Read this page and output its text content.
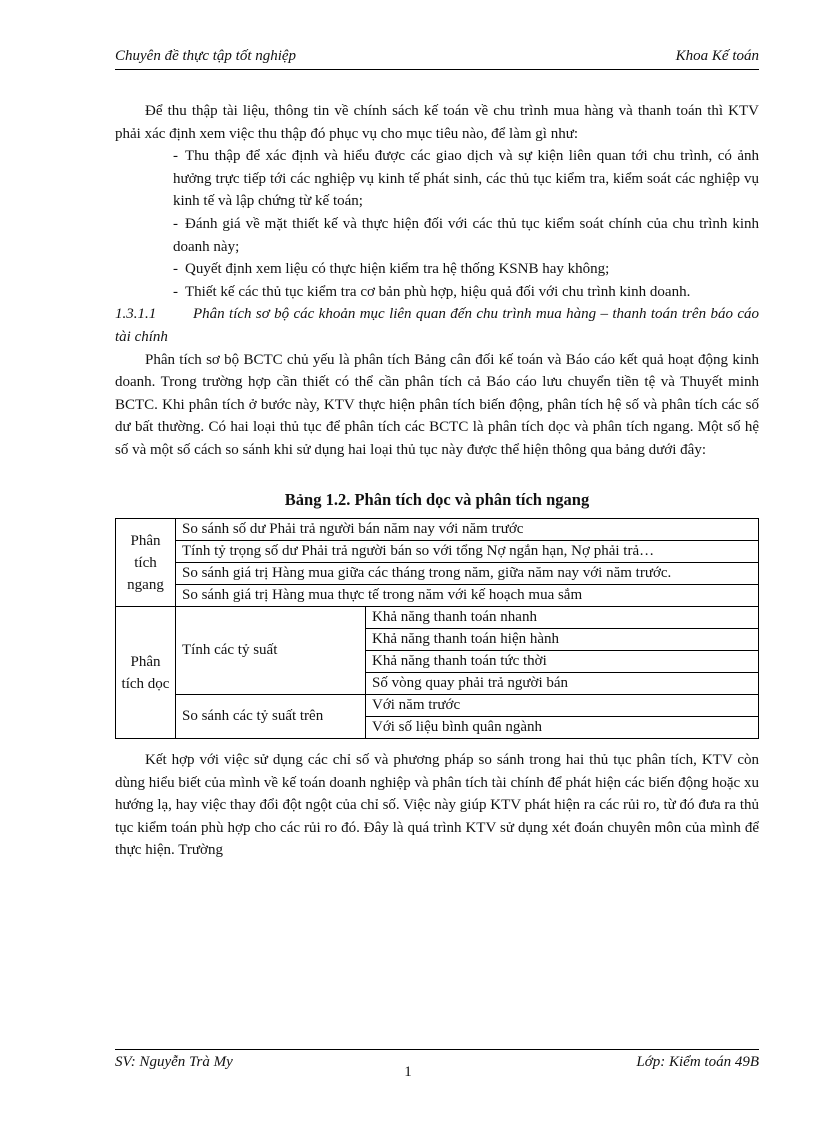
Chuyên đề thực tập tốt nghiệp	Khoa Kế toán

Để thu thập tài liệu, thông tin về chính sách kế toán về chu trình mua hàng và thanh toán thì KTV phải xác định xem việc thu thập đó phục vụ cho mục tiêu nào, để làm gì như:

- Thu thập để xác định và hiểu được các giao dịch và sự kiện liên quan tới chu trình, có ảnh hưởng trực tiếp tới các nghiệp vụ kinh tế phát sinh, các thủ tục kiểm tra, kiểm soát các nghiệp vụ kinh tế và lập chứng từ kế toán;

- Đánh giá về mặt thiết kế và thực hiện đối với các thủ tục kiểm soát chính của chu trình kinh doanh này;

- Quyết định xem liệu có thực hiện kiểm tra hệ thống KSNB hay không;

- Thiết kế các thủ tục kiểm tra cơ bản phù hợp, hiệu quả đối với chu trình kinh doanh.

1.3.1.1 Phân tích sơ bộ các khoản mục liên quan đến chu trình mua hàng – thanh toán trên báo cáo tài chính

Phân tích sơ bộ BCTC chủ yếu là phân tích Bảng cân đối kế toán và Báo cáo kết quả hoạt động kinh doanh. Trong trường hợp cần thiết có thể cần phân tích cả Báo cáo lưu chuyển tiền tệ và Thuyết minh BCTC. Khi phân tích ở bước này, KTV thực hiện phân tích biến động, phân tích hệ số và phân tích các số dư bất thường. Có hai loại thủ tục để phân tích các BCTC là phân tích dọc và phân tích ngang. Một số hệ số và một số cách so sánh khi sử dụng hai loại thủ tục này được thể hiện thông qua bảng dưới đây:

Bảng 1.2. Phân tích dọc và phân tích ngang

Phân tích ngang	So sánh số dư Phải trả người bán năm nay với năm trước	

	Tính tỷ trọng số dư Phải trả người bán so với tổng Nợ ngắn hạn, Nợ phải trả…	

	So sánh giá trị Hàng mua giữa các tháng trong năm, giữa năm nay với năm trước.	
	So sánh giá trị Hàng mua thực tế trong năm với kế hoạch mua sắm	
Phân tích dọc	Tính các tỷ suất	Khả năng thanh toán nhanh
		Khả năng thanh toán hiện hành
		Khả năng thanh toán tức thời
		Số vòng quay phải trả người bán
	So sánh các tỷ suất trên	Với năm trước
		Với số liệu bình quân ngành

Kết hợp với việc sử dụng các chỉ số và phương pháp so sánh trong hai thủ tục phân tích, KTV còn dùng hiểu biết của mình về kế toán doanh nghiệp và phân tích tài chính để phát hiện các biến động hoặc xu hướng lạ, hay việc thay đổi đột ngột của chỉ số. Việc này giúp KTV phát hiện ra các rủi ro, từ đó đưa ra thủ tục kiểm toán phù hợp cho các rủi ro đó. Đây là quá trình KTV sử dụng xét đoán chuyên môn của mình để thực hiện. Trường

SV: Nguyễn Trà My	Lớp: Kiểm toán 49B
1
